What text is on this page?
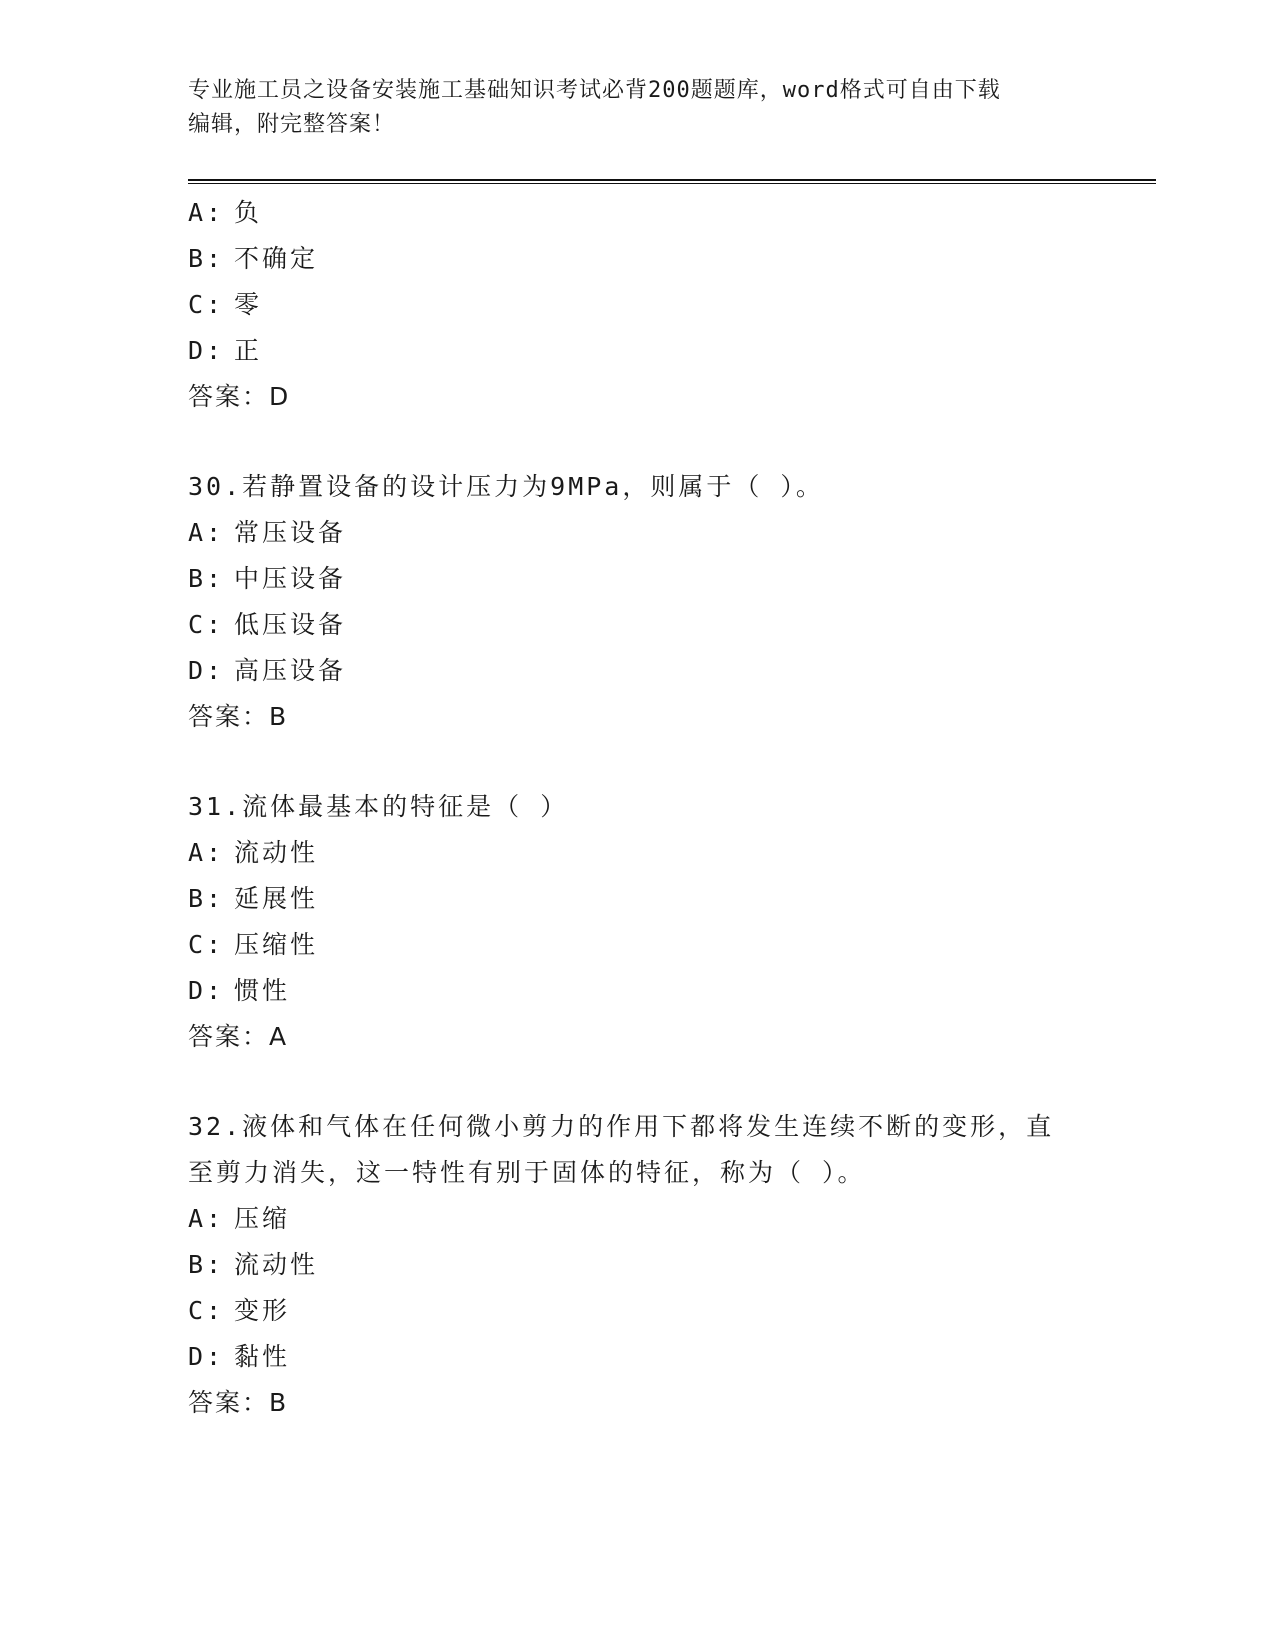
专业施工员之设备安装施工基础知识考试必背200题题库，word格式可自由下载
编辑，附完整答案！
A: 负
B: 不确定
C: 零
D: 正
答案：D
30.若静置设备的设计压力为9MPa，则属于（ ）。
A: 常压设备
B: 中压设备
C: 低压设备
D: 高压设备
答案：B
31.流体最基本的特征是（ ）
A: 流动性
B: 延展性
C: 压缩性
D: 惯性
答案：A
32.液体和气体在任何微小剪力的作用下都将发生连续不断的变形，直
至剪力消失，这一特性有别于固体的特征，称为（ ）。
A: 压缩
B: 流动性
C: 变形
D: 黏性
答案：B
